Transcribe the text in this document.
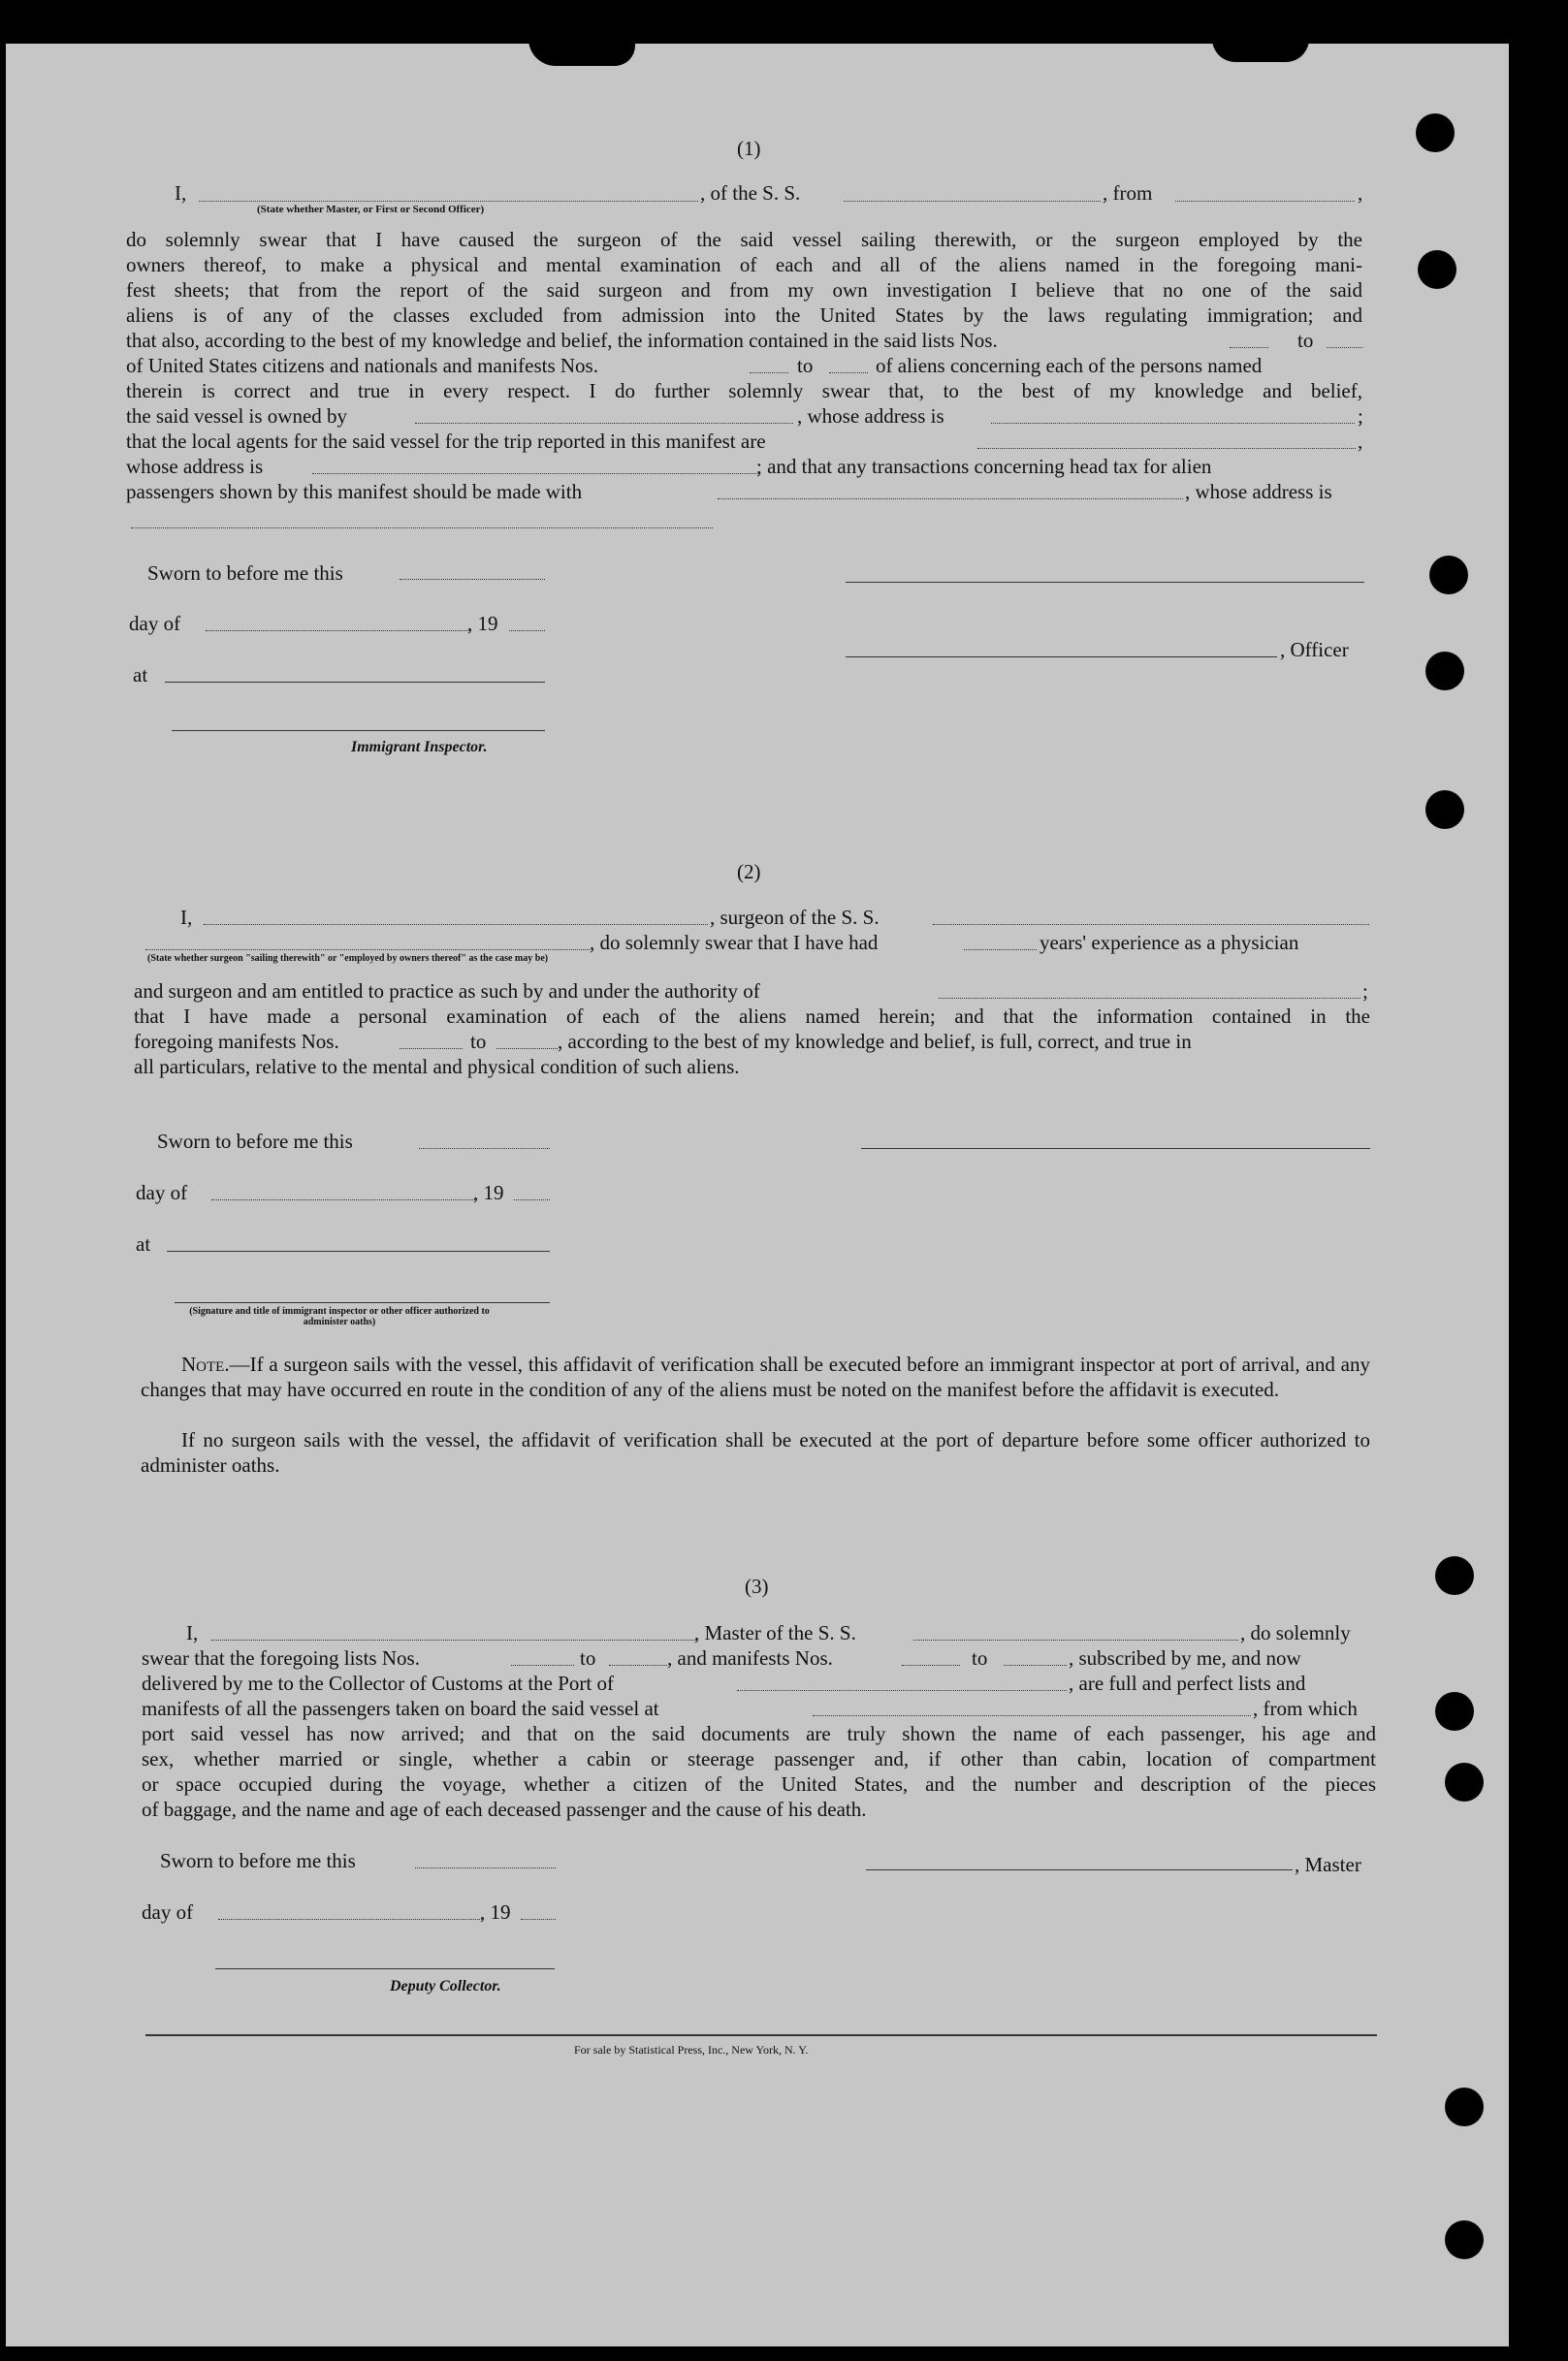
(1)
I,
(State whether Master, or First or Second Officer)
, of the S. S.	, from	,
do solemnly swear that I have caused the surgeon of the said vessel sailing therewith, or the surgeon employed by the
owners thereof, to make a physical and mental examination of each and all of the aliens named in the foregoing mani-
fest sheets; that from the report of the said surgeon and from my own investigation I believe that no one of the said
aliens is of any of the classes excluded from admission into the United States by the laws regulating immigration; and
that also, according to the best of my knowledge and belief, the information contained in the said lists Nos.	to
of United States citizens and nationals and manifests Nos.	to	of aliens concerning each of the persons named
therein is correct and true in every respect. I do further solemnly swear that, to the best of my knowledge and belief,
the said vessel is owned by	, whose address is	;
that the local agents for the said vessel for the trip reported in this manifest are	,
whose address is	; and that any transactions concerning head tax for alien
passengers shown by this manifest should be made with	, whose address is
Sworn to before me this
day of	, 19
, Officer
at
Immigrant Inspector.
(2)
I,	, surgeon of the S. S.
, do solemnly swear that I have had	years' experience as a physician
(State whether surgeon "sailing therewith" or "employed by owners thereof" as the case may be)
and surgeon and am entitled to practice as such by and under the authority of	;
that I have made a personal examination of each of the aliens named herein; and that the information contained in the
foregoing manifests Nos.	to	, according to the best of my knowledge and belief, is full, correct, and true in
all particulars, relative to the mental and physical condition of such aliens.
Sworn to before me this
day of	, 19
at
(Signature and title of immigrant inspector or other officer authorized to administer oaths)
Note.—If a surgeon sails with the vessel, this affidavit of verification shall be executed before an immigrant inspector at port of arrival, and any changes that may have occurred en route in the condition of any of the aliens must be noted on the manifest before the affidavit is executed.
If no surgeon sails with the vessel, the affidavit of verification shall be executed at the port of departure before some officer authorized to administer oaths.
(3)
I,	, Master of the S. S.	, do solemnly
swear that the foregoing lists Nos.	to	, and manifests Nos.	to	, subscribed by me, and now
delivered by me to the Collector of Customs at the Port of	, are full and perfect lists and
manifests of all the passengers taken on board the said vessel at	, from which
port said vessel has now arrived; and that on the said documents are truly shown the name of each passenger, his age and
sex, whether married or single, whether a cabin or steerage passenger and, if other than cabin, location of compartment
or space occupied during the voyage, whether a citizen of the United States, and the number and description of the pieces
of baggage, and the name and age of each deceased passenger and the cause of his death.
Sworn to before me this	, Master
day of	, 19
Deputy Collector.
For sale by Statistical Press, Inc., New York, N. Y.
